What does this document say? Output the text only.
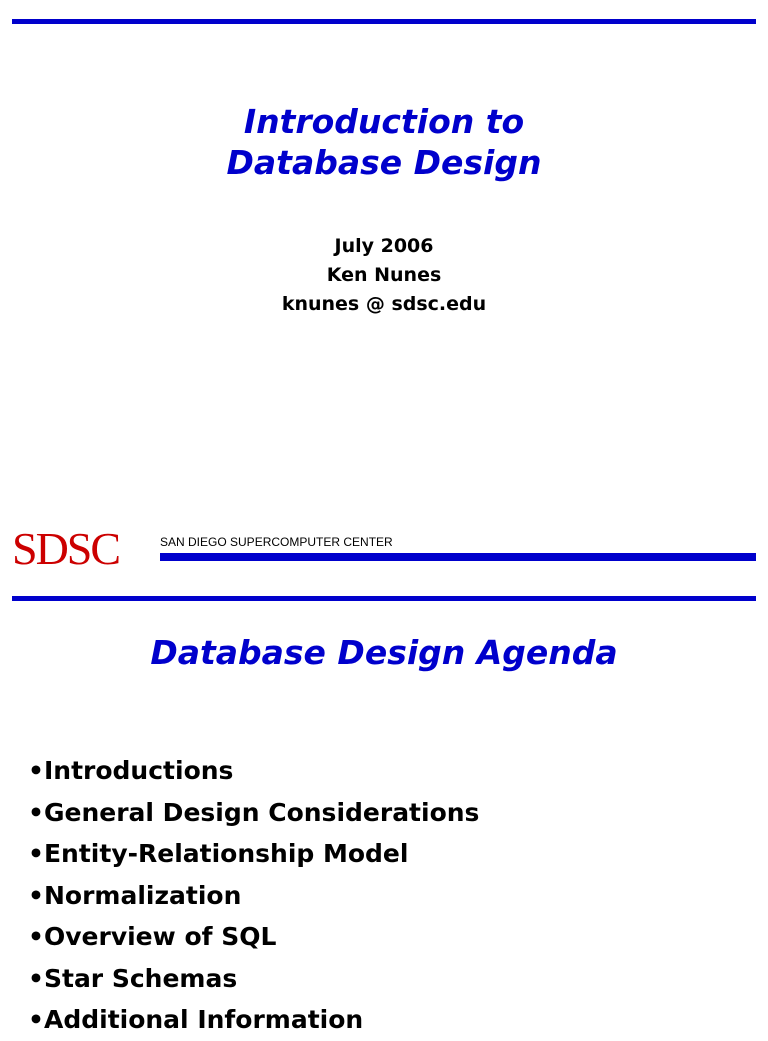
Introduction to
Database Design
July 2006
Ken Nunes
knunes @ sdsc.edu
SDSC	SAN DIEGO SUPERCOMPUTER CENTER
Database Design Agenda
•Introductions
•General Design Considerations
•Entity-Relationship Model
•Normalization
•Overview of SQL
•Star Schemas
•Additional Information
